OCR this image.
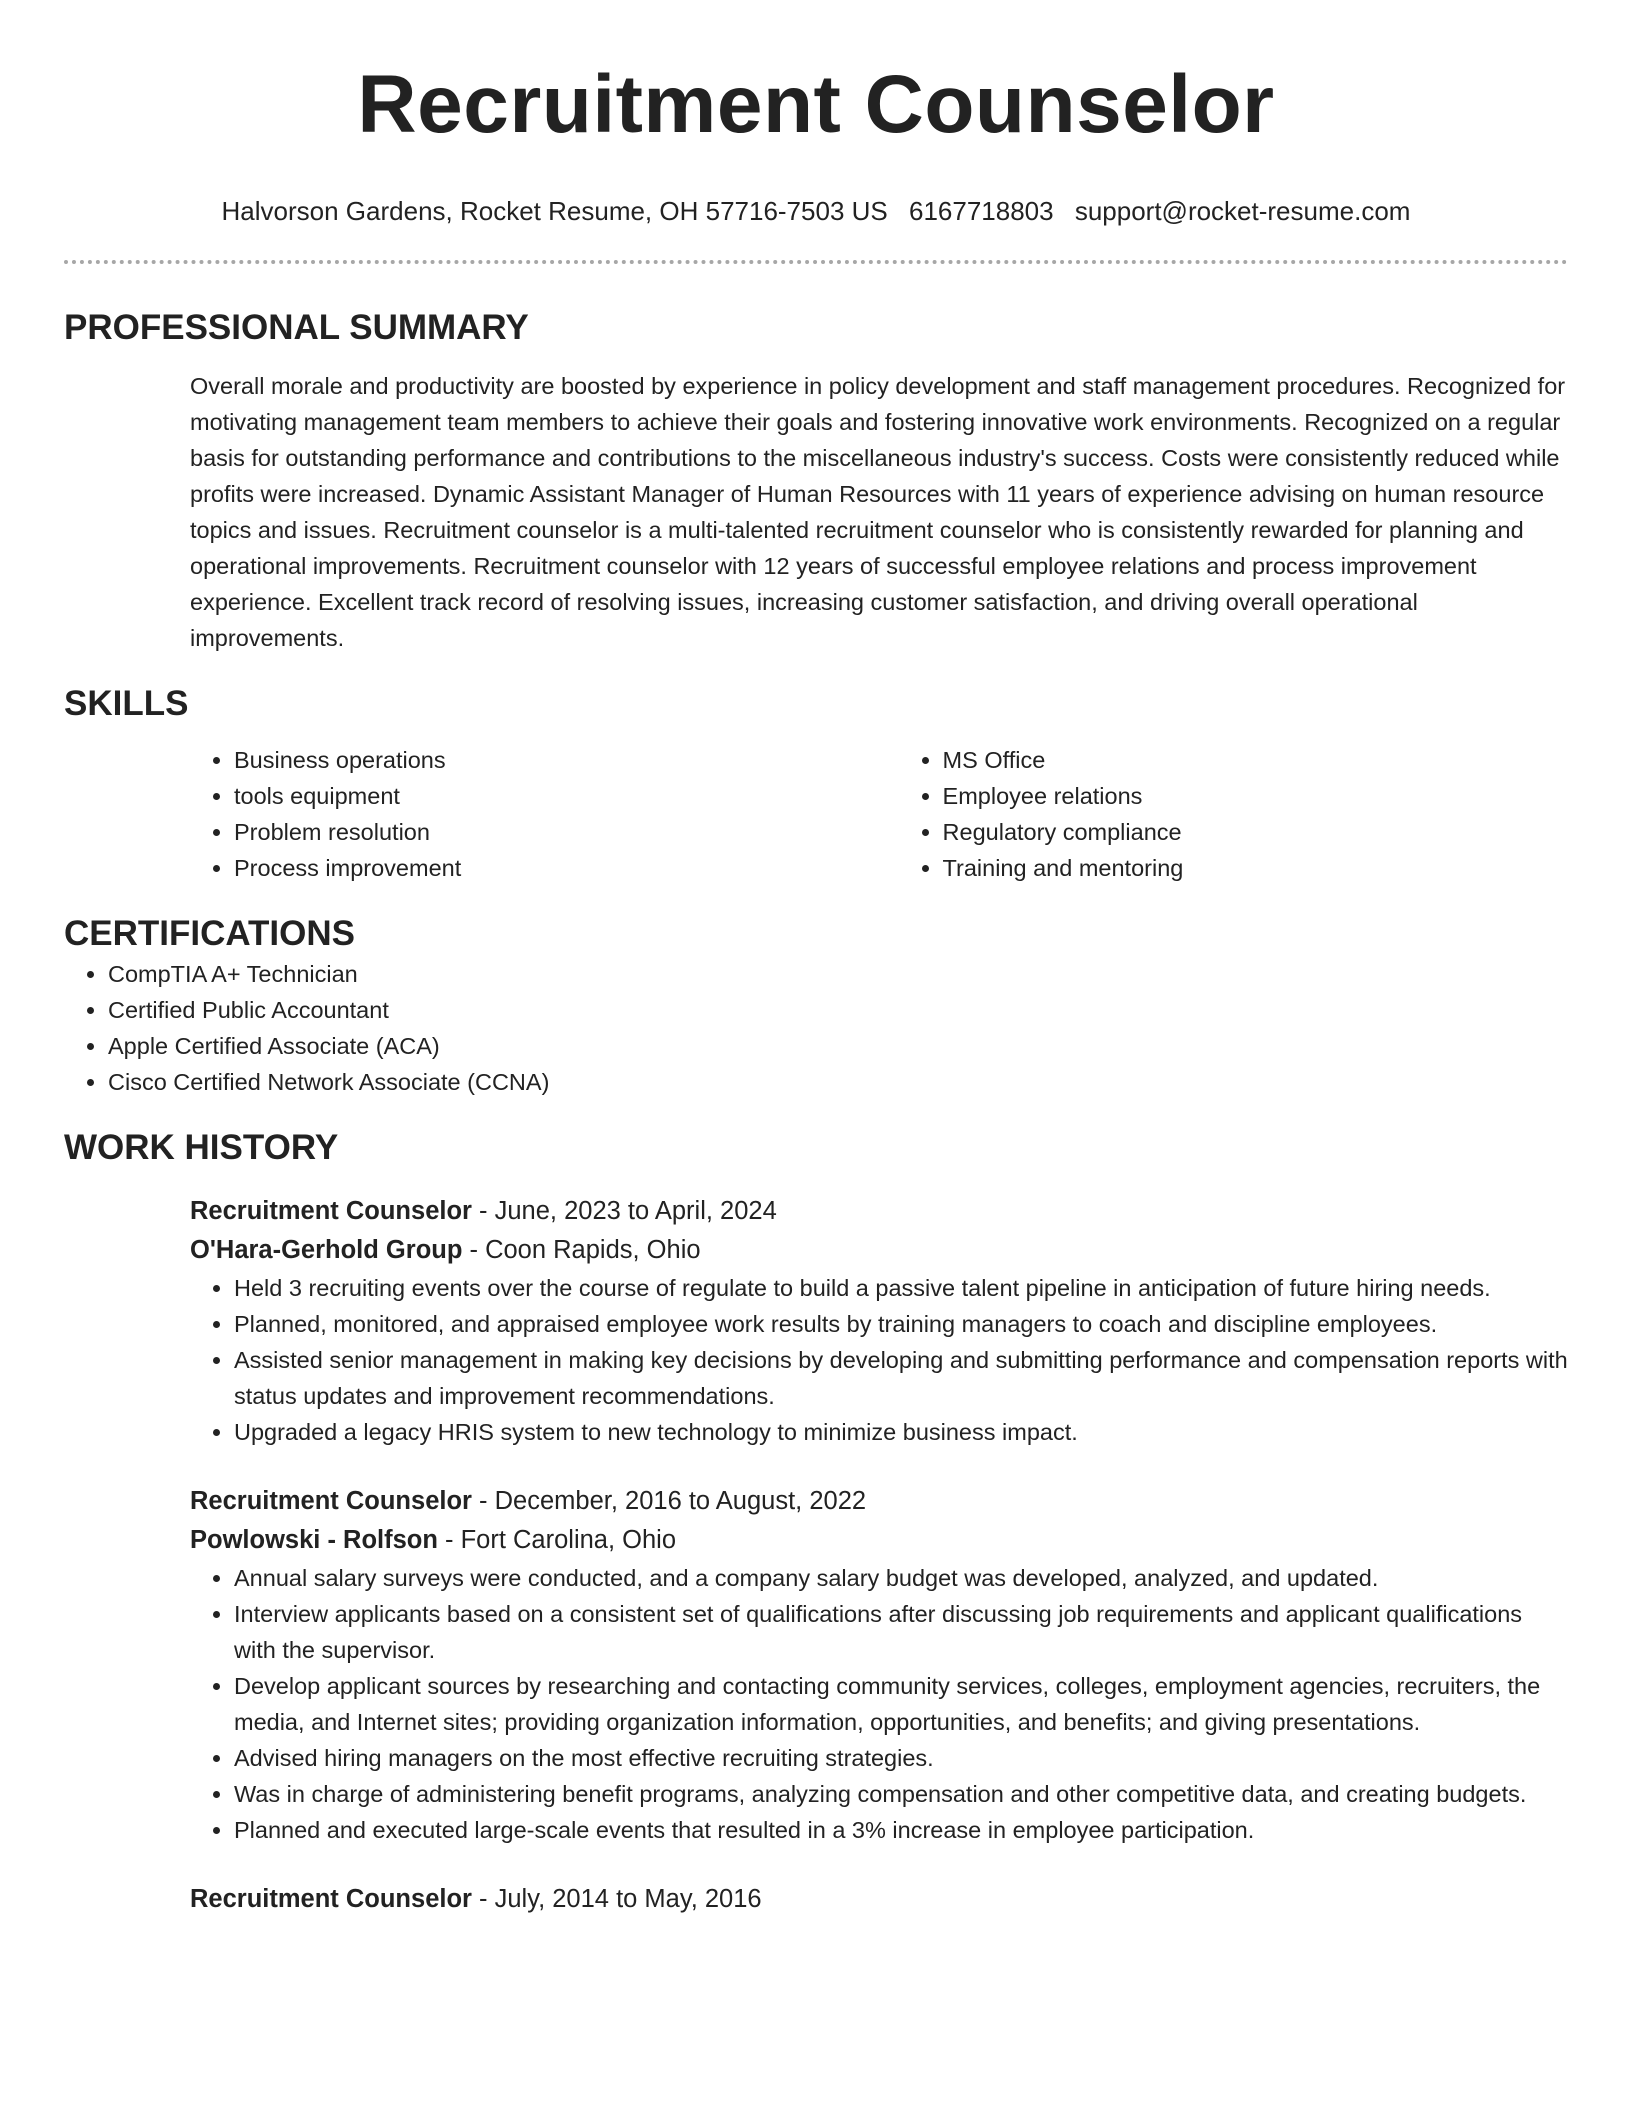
Recruitment Counselor
Halvorson Gardens, Rocket Resume, OH 57716-7503 US 6167718803 support@rocket-resume.com
PROFESSIONAL SUMMARY

Overall morale and productivity are boosted by experience in policy development and staff management procedures. Recognized for motivating management team members to achieve their goals and fostering innovative work environments. Recognized on a regular basis for outstanding performance and contributions to the miscellaneous industry's success. Costs were consistently reduced while profits were increased. Dynamic Assistant Manager of Human Resources with 11 years of experience advising on human resource topics and issues. Recruitment counselor is a multi-talented recruitment counselor who is consistently rewarded for planning and operational improvements. Recruitment counselor with 12 years of successful employee relations and process improvement experience. Excellent track record of resolving issues, increasing customer satisfaction, and driving overall operational improvements.

SKILLS
• Business operations
• tools equipment
• Problem resolution
• Process improvement
• MS Office
• Employee relations
• Regulatory compliance
• Training and mentoring
CERTIFICATIONS
• CompTIA A+ Technician
• Certified Public Accountant
• Apple Certified Associate (ACA)
• Cisco Certified Network Associate (CCNA)
WORK HISTORY
Recruitment Counselor - June, 2023 to April, 2024
O'Hara-Gerhold Group - Coon Rapids, Ohio
• Held 3 recruiting events over the course of regulate to build a passive talent pipeline in anticipation of future hiring needs.
• Planned, monitored, and appraised employee work results by training managers to coach and discipline employees.
• Assisted senior management in making key decisions by developing and submitting performance and compensation reports with status updates and improvement recommendations.
• Upgraded a legacy HRIS system to new technology to minimize business impact.
Recruitment Counselor - December, 2016 to August, 2022
Powlowski - Rolfson - Fort Carolina, Ohio
• Annual salary surveys were conducted, and a company salary budget was developed, analyzed, and updated.
• Interview applicants based on a consistent set of qualifications after discussing job requirements and applicant qualifications with the supervisor.
• Develop applicant sources by researching and contacting community services, colleges, employment agencies, recruiters, the media, and Internet sites; providing organization information, opportunities, and benefits; and giving presentations.
• Advised hiring managers on the most effective recruiting strategies.
• Was in charge of administering benefit programs, analyzing compensation and other competitive data, and creating budgets.
• Planned and executed large-scale events that resulted in a 3% increase in employee participation.
Recruitment Counselor - July, 2014 to May, 2016
